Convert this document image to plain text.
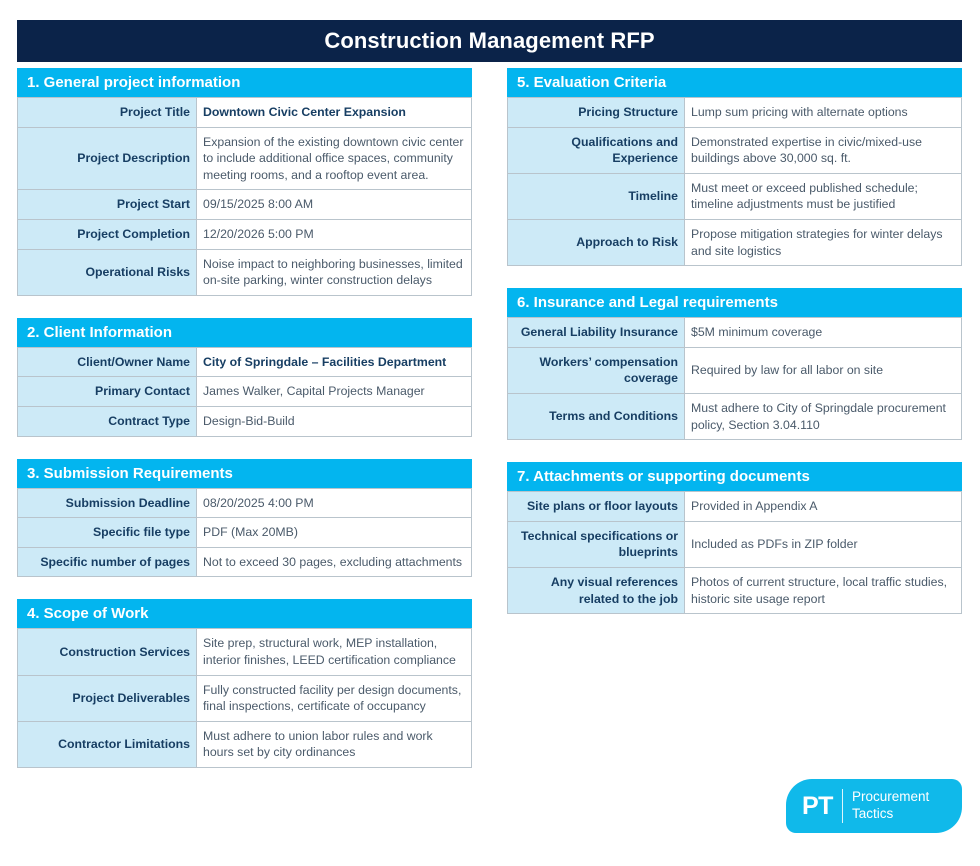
Construction Management RFP
1. General project information
Project Title	Downtown Civic Center Expansion
Project Description	Expansion of the existing downtown civic center to include additional office spaces, community meeting rooms, and a rooftop event area.
Project Start	09/15/2025 8:00 AM
Project Completion	12/20/2026 5:00 PM
Operational Risks	Noise impact to neighboring businesses, limited on-site parking, winter construction delays
2. Client Information
Client/Owner Name	City of Springdale – Facilities Department
Primary Contact	James Walker, Capital Projects Manager
Contract Type	Design-Bid-Build
3. Submission Requirements
Submission Deadline	08/20/2025 4:00 PM
Specific file type	PDF (Max 20MB)
Specific number of pages	Not to exceed 30 pages, excluding attachments
4. Scope of Work
Construction Services	Site prep, structural work, MEP installation, interior finishes, LEED certification compliance
Project Deliverables	Fully constructed facility per design documents, final inspections, certificate of occupancy
Contractor Limitations	Must adhere to union labor rules and work hours set by city ordinances
5. Evaluation Criteria
Pricing Structure	Lump sum pricing with alternate options
Qualifications and Experience	Demonstrated expertise in civic/mixed-use buildings above 30,000 sq. ft.
Timeline	Must meet or exceed published schedule; timeline adjustments must be justified
Approach to Risk	Propose mitigation strategies for winter delays and site logistics
6. Insurance and Legal requirements
General Liability Insurance	$5M minimum coverage
Workers’ compensation coverage	Required by law for all labor on site
Terms and Conditions	Must adhere to City of Springdale procurement policy, Section 3.04.110
7. Attachments or supporting documents
Site plans or floor layouts	Provided in Appendix A
Technical specifications or blueprints	Included as PDFs in ZIP folder
Any visual references related to the job	Photos of current structure, local traffic studies, historic site usage report
PT Procurement
Tactics
